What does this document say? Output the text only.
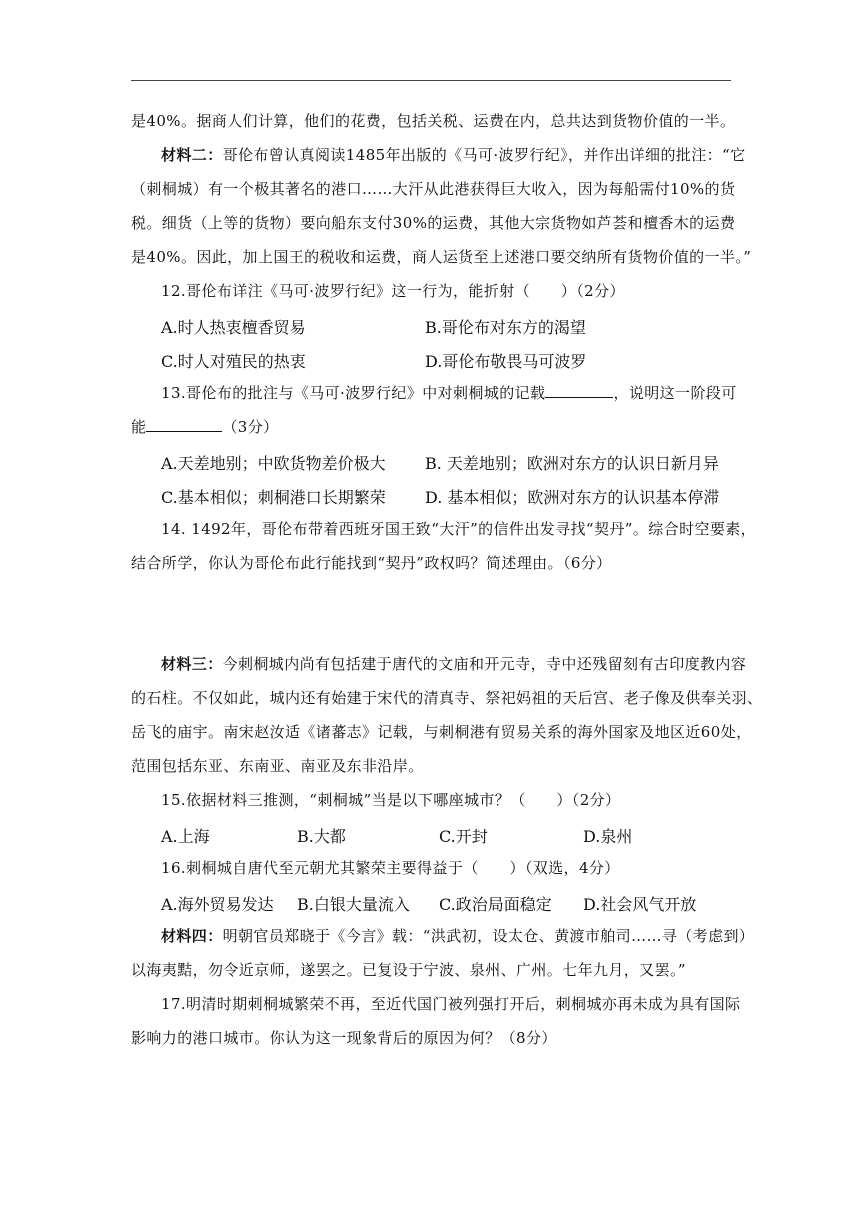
是40%。据商人们计算，他们的花费，包括关税、运费在内，总共达到货物价值的一半。
材料二：哥伦布曾认真阅读1485年出版的《马可·波罗行纪》，并作出详细的批注：“它
（刺桐城）有一个极其著名的港口……大汗从此港获得巨大收入，因为每船需付10%的货
税。细货（上等的货物）要向船东支付30%的运费，其他大宗货物如芦荟和檀香木的运费
是40%。因此，加上国王的税收和运费，商人运货至上述港口要交纳所有货物价值的一半。”
12.哥伦布详注《马可·波罗行纪》这一行为，能折射（　　）（2分）
A.时人热衷檀香贸易	B.哥伦布对东方的渴望
C.时人对殖民的热衷	D.哥伦布敬畏马可波罗
13.哥伦布的批注与《马可·波罗行纪》中对刺桐城的记载	，说明这一阶段可
能	（3分）
A.天差地别；中欧货物差价极大 B. 天差地别；欧洲对东方的认识日新月异
C.基本相似；刺桐港口长期繁荣 D. 基本相似；欧洲对东方的认识基本停滞
14. 1492年，哥伦布带着西班牙国王致“大汗”的信件出发寻找“契丹”。综合时空要素，
结合所学，你认为哥伦布此行能找到“契丹”政权吗？简述理由。（6分）
材料三：今刺桐城内尚有包括建于唐代的文庙和开元寺，寺中还残留刻有古印度教内容
的石柱。不仅如此，城内还有始建于宋代的清真寺、祭祀妈祖的天后宫、老子像及供奉关羽、
岳飞的庙宇。南宋赵汝适《诸蕃志》记载，与刺桐港有贸易关系的海外国家及地区近60处，
范围包括东亚、东南亚、南亚及东非沿岸。
15.依据材料三推测，“刺桐城”当是以下哪座城市？（　　）（2分）
A.上海	B.大都	C.开封	D.泉州
16.刺桐城自唐代至元朝尤其繁荣主要得益于（　　）（双选，4分）
A.海外贸易发达 B.白银大量流入 C.政治局面稳定 D.社会风气开放
材料四：明朝官员郑晓于《今言》载：“洪武初，设太仓、黄渡市舶司……寻（考虑到）
以海夷黠，勿令近京师，遂罢之。已复设于宁波、泉州、广州。七年九月，又罢。”
17.明清时期刺桐城繁荣不再，至近代国门被列强打开后，刺桐城亦再未成为具有国际
影响力的港口城市。你认为这一现象背后的原因为何？（8分）
